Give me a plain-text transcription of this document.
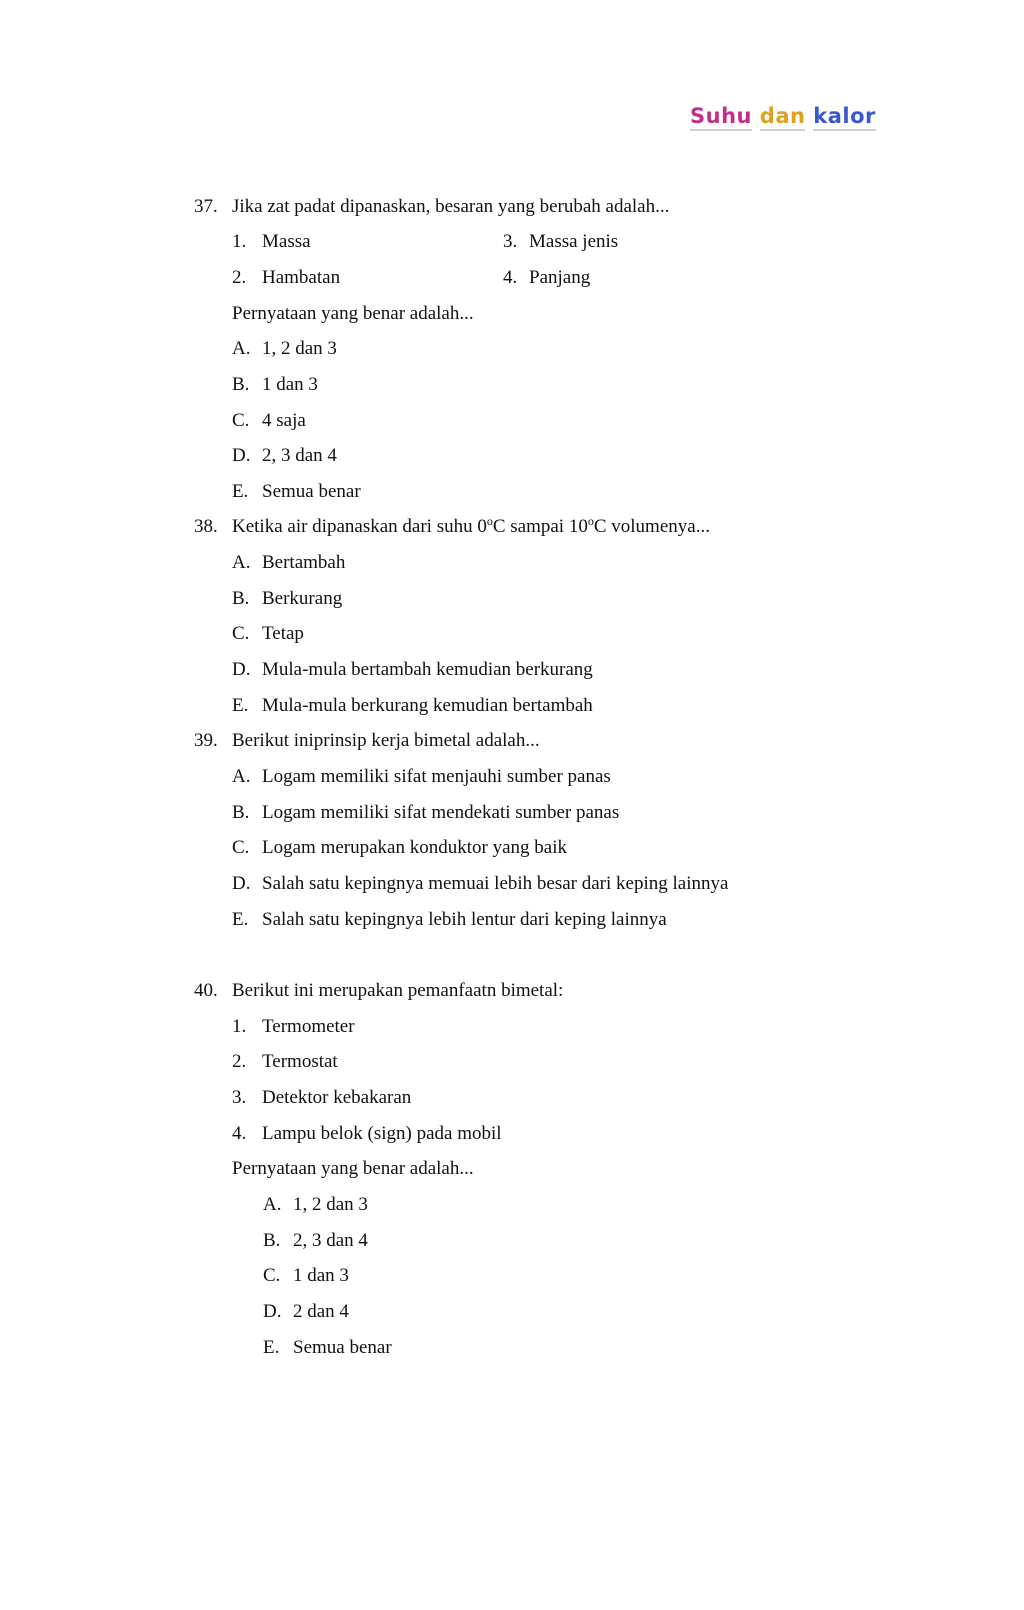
Suhu dan kalor
37. Jika zat padat dipanaskan, besaran yang berubah adalah...
1. Massa
2. Hambatan
3. Massa jenis
4. Panjang
Pernyataan yang benar adalah...
A. 1, 2 dan 3
B. 1 dan 3
C. 4 saja
D. 2, 3 dan 4
E. Semua benar
38. Ketika air dipanaskan dari suhu 0$^o$C sampai 10$^o$C volumenya...
A. Bertambah
B. Berkurang
C. Tetap
D. Mula-mula bertambah kemudian berkurang
E. Mula-mula berkurang kemudian bertambah
39. Berikut iniprinsip kerja bimetal adalah...
A. Logam memiliki sifat menjauhi sumber panas
B. Logam memiliki sifat mendekati sumber panas
C. Logam merupakan konduktor yang baik
D. Salah satu kepingnya memuai lebih besar dari keping lainnya
E. Salah satu kepingnya lebih lentur dari keping lainnya
40. Berikut ini merupakan pemanfaatn bimetal:
1. Termometer
2. Termostat
3. Detektor kebakaran
4. Lampu belok (sign) pada mobil
Pernyataan yang benar adalah...
A. 1, 2 dan 3
B. 2, 3 dan 4
C. 1 dan 3
D. 2 dan 4
E. Semua benar
